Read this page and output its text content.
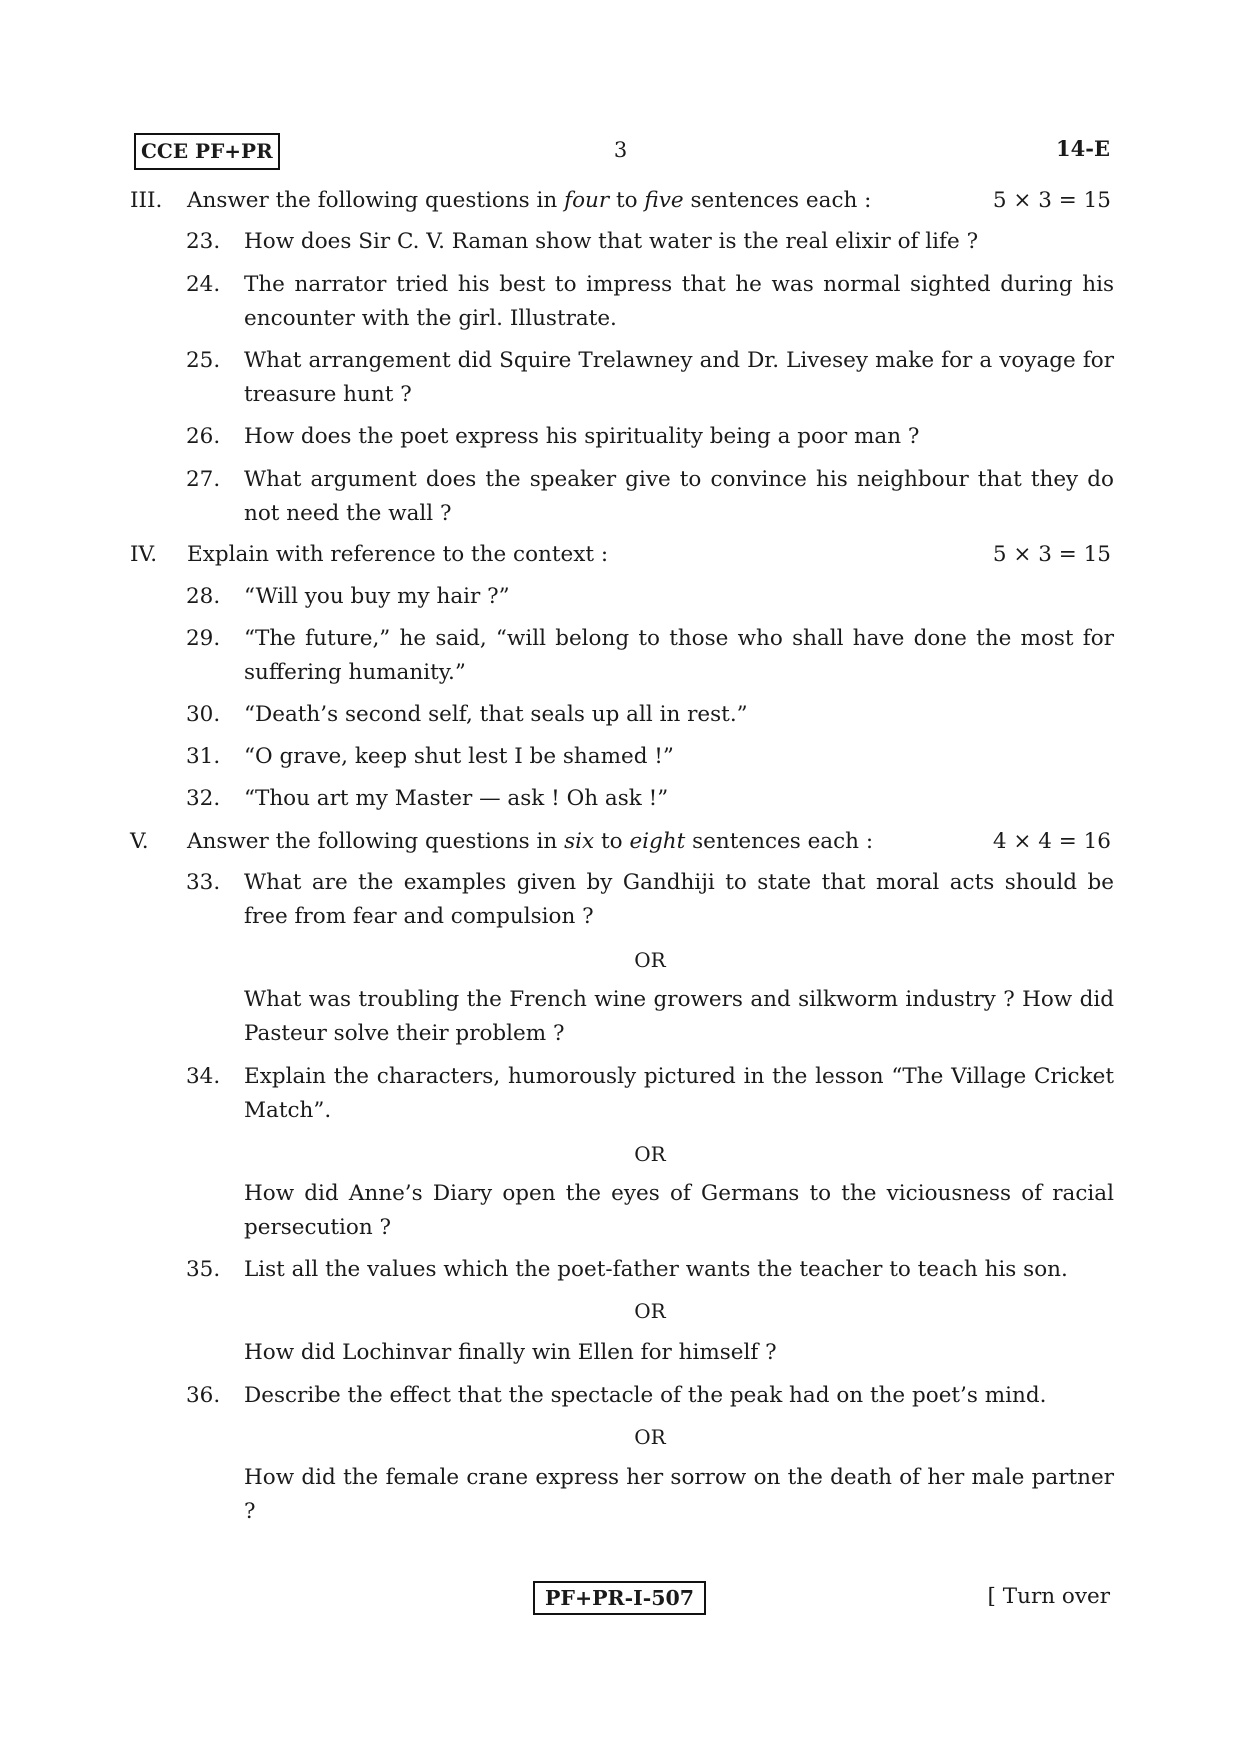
CCE PF+PR	3	14-E
III. Answer the following questions in four to five sentences each :	5 × 3 = 15
23. How does Sir C. V. Raman show that water is the real elixir of life ?
24. The narrator tried his best to impress that he was normal sighted during his encounter with the girl. Illustrate.
25. What arrangement did Squire Trelawney and Dr. Livesey make for a voyage for treasure hunt ?
26. How does the poet express his spirituality being a poor man ?
27. What argument does the speaker give to convince his neighbour that they do not need the wall ?
IV. Explain with reference to the context :	5 × 3 = 15
28. “Will you buy my hair ?”
29. “The future,” he said, “will belong to those who shall have done the most for suffering humanity.”
30. “Death’s second self, that seals up all in rest.”
31. “O grave, keep shut lest I be shamed !”
32. “Thou art my Master — ask ! Oh ask !”
V. Answer the following questions in six to eight sentences each :	4 × 4 = 16
33. What are the examples given by Gandhiji to state that moral acts should be free from fear and compulsion ?
OR
What was troubling the French wine growers and silkworm industry ? How did Pasteur solve their problem ?
34. Explain the characters, humorously pictured in the lesson “The Village Cricket Match”.
OR
How did Anne’s Diary open the eyes of Germans to the viciousness of racial persecution ?
35. List all the values which the poet-father wants the teacher to teach his son.
OR
How did Lochinvar finally win Ellen for himself ?
36. Describe the effect that the spectacle of the peak had on the poet’s mind.
OR
How did the female crane express her sorrow on the death of her male partner ?
PF+PR-I-507	[ Turn over
